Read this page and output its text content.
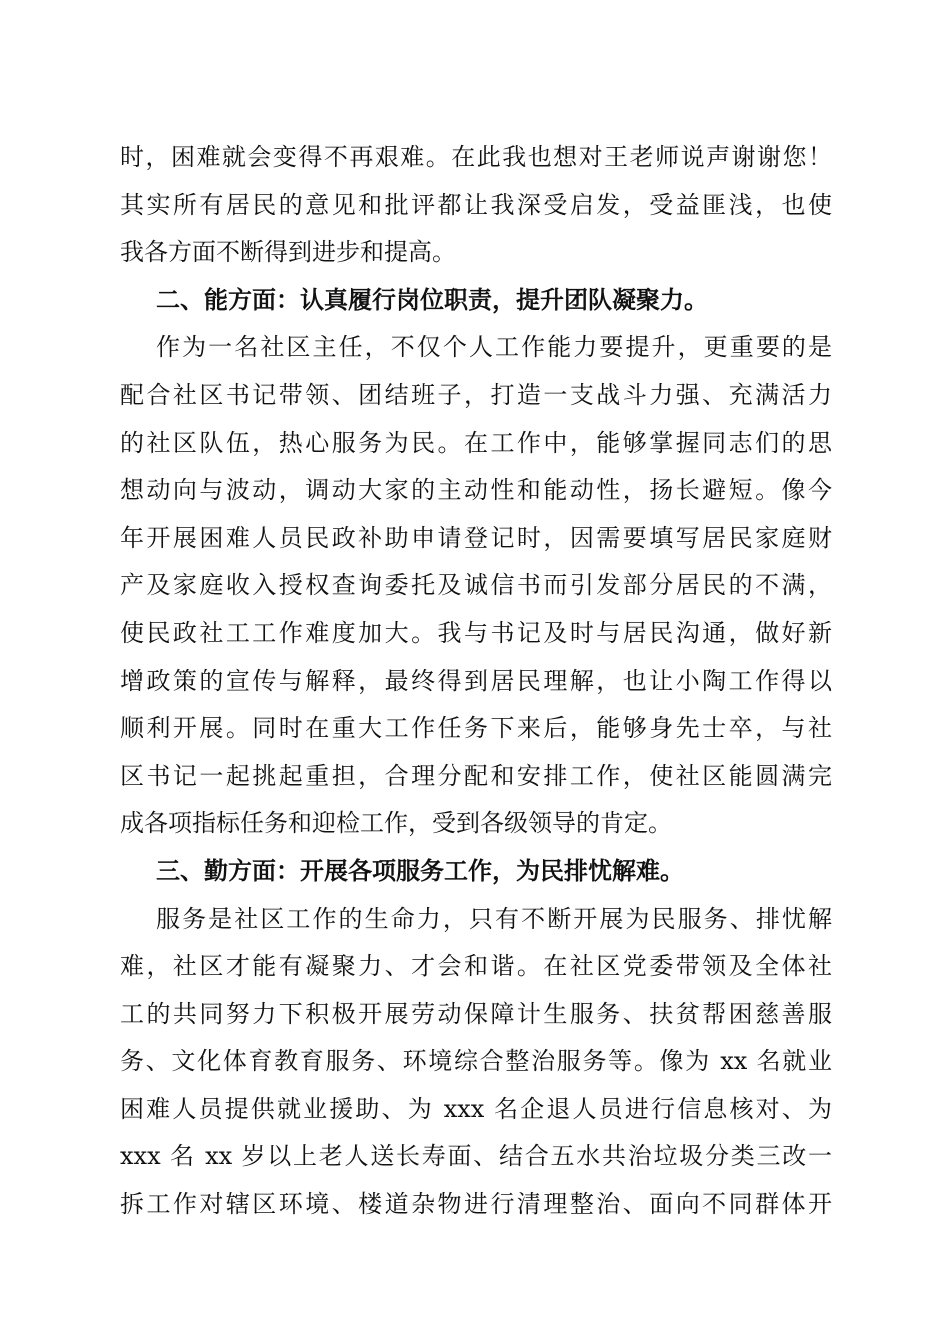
时，困难就会变得不再艰难。在此我也想对王老师说声谢谢您！
其实所有居民的意见和批评都让我深受启发，受益匪浅，也使
我各方面不断得到进步和提高。
二、能方面：认真履行岗位职责，提升团队凝聚力。
作为一名社区主任，不仅个人工作能力要提升，更重要的是
配合社区书记带领、团结班子，打造一支战斗力强、充满活力
的社区队伍，热心服务为民。在工作中，能够掌握同志们的思
想动向与波动，调动大家的主动性和能动性，扬长避短。像今
年开展困难人员民政补助申请登记时，因需要填写居民家庭财
产及家庭收入授权查询委托及诚信书而引发部分居民的不满，
使民政社工工作难度加大。我与书记及时与居民沟通，做好新
增政策的宣传与解释，最终得到居民理解，也让小陶工作得以
顺利开展。同时在重大工作任务下来后，能够身先士卒，与社
区书记一起挑起重担，合理分配和安排工作，使社区能圆满完
成各项指标任务和迎检工作，受到各级领导的肯定。
三、勤方面：开展各项服务工作，为民排忧解难。
服务是社区工作的生命力，只有不断开展为民服务、排忧解
难，社区才能有凝聚力、才会和谐。在社区党委带领及全体社
工的共同努力下积极开展劳动保障计生服务、扶贫帮困慈善服
务、文化体育教育服务、环境综合整治服务等。像为 xx 名就业
困难人员提供就业援助、为 xxx 名企退人员进行信息核对、为
xxx 名 xx 岁以上老人送长寿面、结合五水共治垃圾分类三改一
拆工作对辖区环境、楼道杂物进行清理整治、面向不同群体开
